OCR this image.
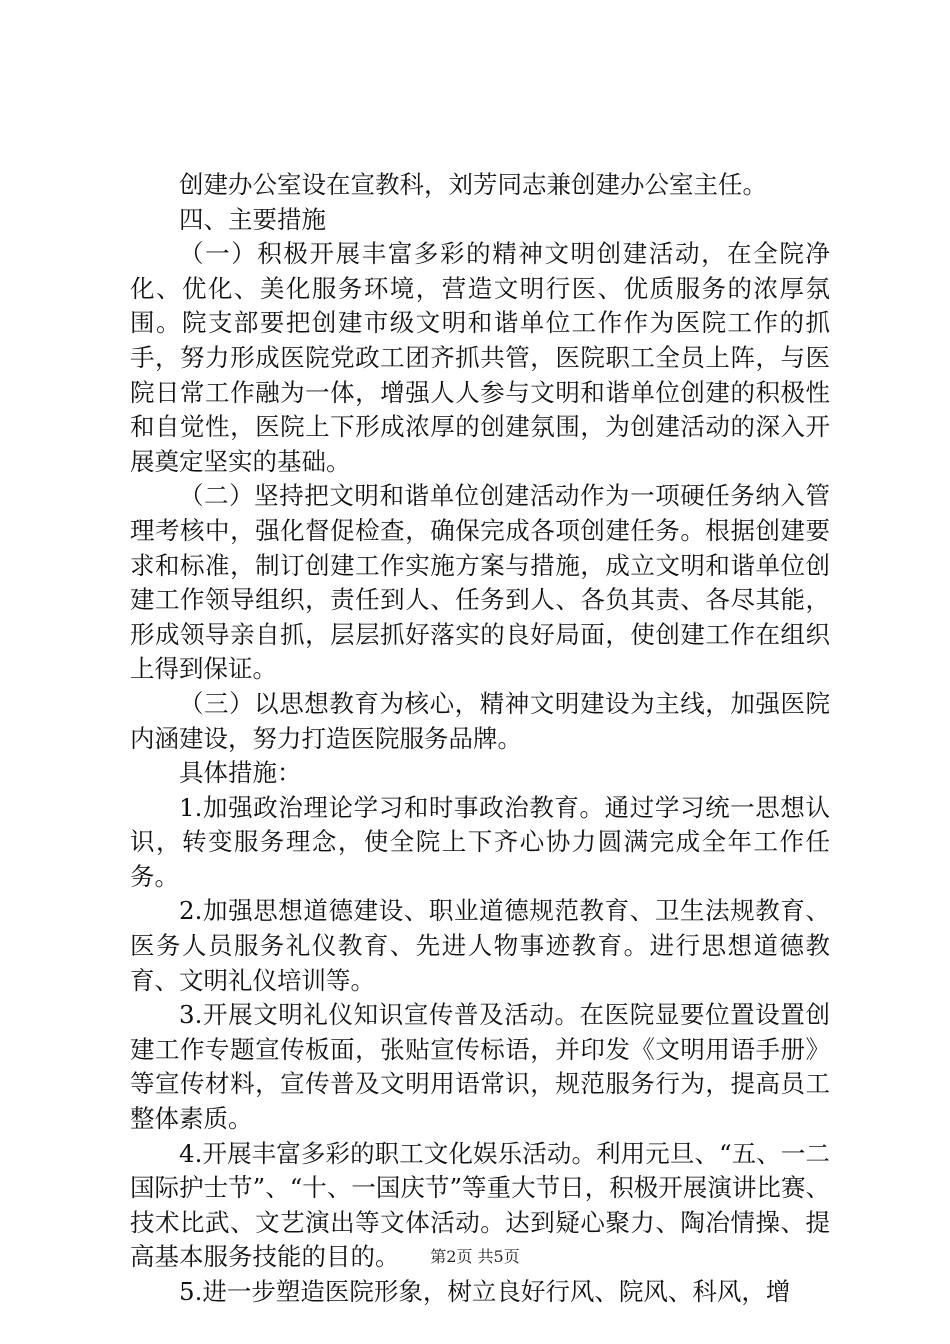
创建办公室设在宣教科，刘芳同志兼创建办公室主任。

四、主要措施

（一）积极开展丰富多彩的精神文明创建活动，在全院净化、优化、美化服务环境，营造文明行医、优质服务的浓厚氛围。院支部要把创建市级文明和谐单位工作作为医院工作的抓手，努力形成医院党政工团齐抓共管，医院职工全员上阵，与医院日常工作融为一体，增强人人参与文明和谐单位创建的积极性和自觉性，医院上下形成浓厚的创建氛围，为创建活动的深入开展奠定坚实的基础。

（二）坚持把文明和谐单位创建活动作为一项硬任务纳入管理考核中，强化督促检查，确保完成各项创建任务。根据创建要求和标准，制订创建工作实施方案与措施，成立文明和谐单位创建工作领导组织，责任到人、任务到人、各负其责、各尽其能，形成领导亲自抓，层层抓好落实的良好局面，使创建工作在组织上得到保证。

（三）以思想教育为核心，精神文明建设为主线，加强医院内涵建设，努力打造医院服务品牌。

具体措施：

1.加强政治理论学习和时事政治教育。通过学习统一思想认识，转变服务理念，使全院上下齐心协力圆满完成全年工作任务。

2.加强思想道德建设、职业道德规范教育、卫生法规教育、医务人员服务礼仪教育、先进人物事迹教育。进行思想道德教育、文明礼仪培训等。

3.开展文明礼仪知识宣传普及活动。在医院显要位置设置创建工作专题宣传板面，张贴宣传标语，并印发《文明用语手册》等宣传材料，宣传普及文明用语常识，规范服务行为，提高员工整体素质。

4.开展丰富多彩的职工文化娱乐活动。利用元旦、“五、一二国际护士节”、“十、一国庆节”等重大节日，积极开展演讲比赛、技术比武、文艺演出等文体活动。达到疑心聚力、陶冶情操、提高基本服务技能的目的。

5.进一步塑造医院形象，树立良好行风、院风、科风，增

第2页 共5页
